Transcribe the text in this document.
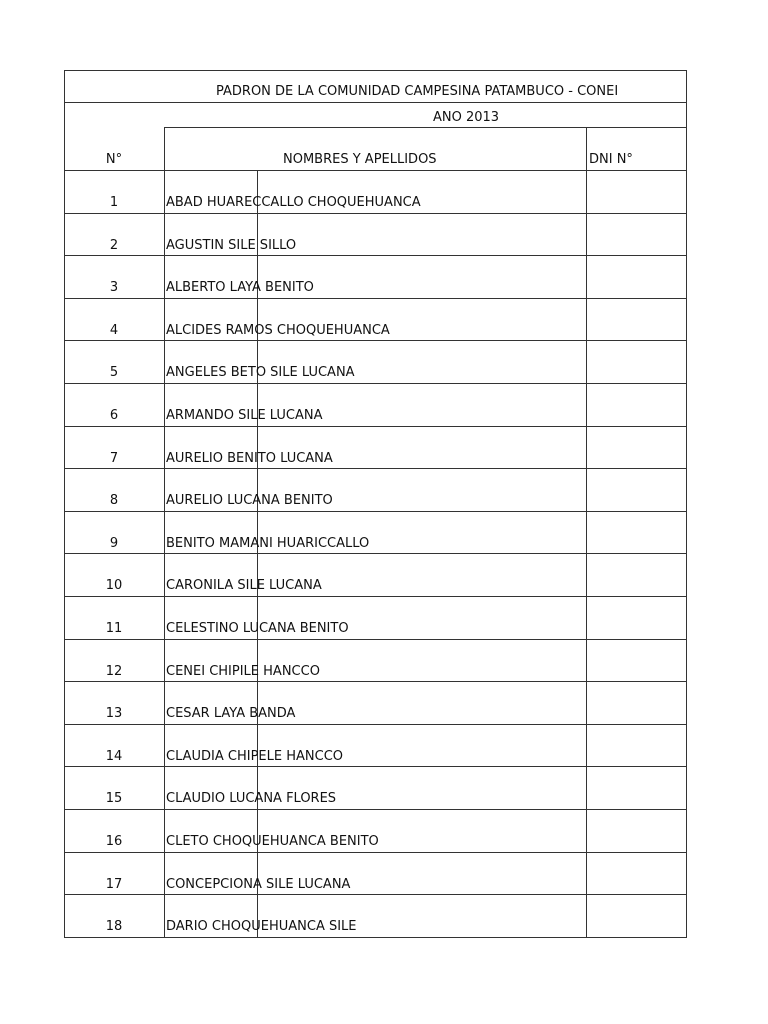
PADRON DE LA COMUNIDAD CAMPESINA PATAMBUCO - CONEI
AÑO 2013
N°	NOMBRES Y APELLIDOS	DNI N°
1	ABAD HUARECCALLO CHOQUEHUANCA
2	AGUSTIN SILE SILLO
3	ALBERTO LAYA BENITO
4	ALCIDES RAMOS CHOQUEHUANCA
5	ANGELES BETO SILE LUCANA
6	ARMANDO SILE LUCANA
7	AURELIO BENITO LUCANA
8	AURELIO LUCANA BENITO
9	BENITO MAMANI HUARICCALLO
10	CARONILA SILE LUCANA
11	CELESTINO LUCANA BENITO
12	CENEI CHIPILE HANCCO
13	CESAR LAYA BANDA
14	CLAUDIA CHIPELE HANCCO
15	CLAUDIO LUCANA FLORES
16	CLETO CHOQUEHUANCA BENITO
17	CONCEPCIONA SILE LUCANA
18	DARIO CHOQUEHUANCA SILE
